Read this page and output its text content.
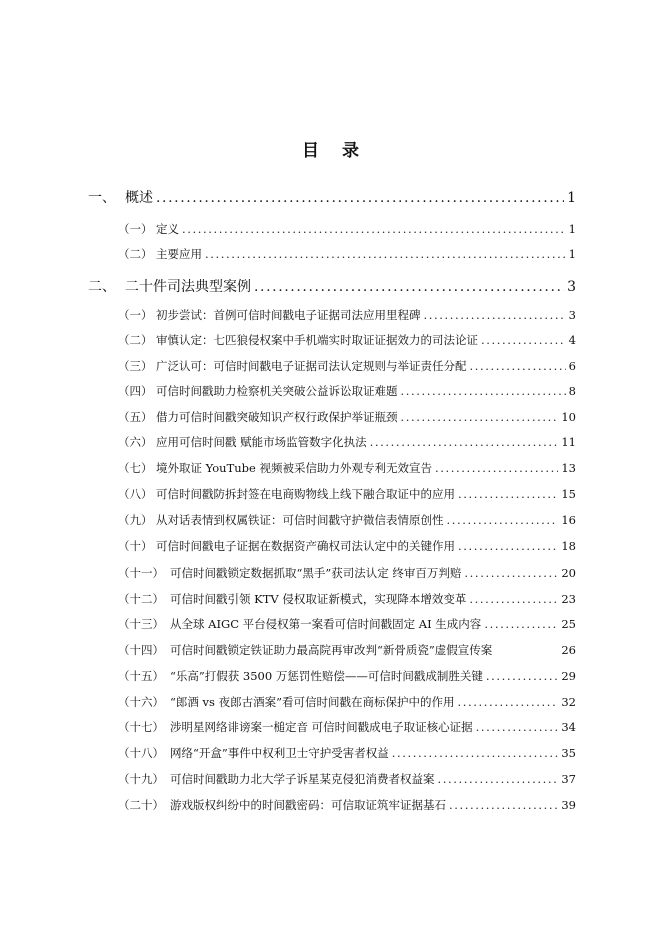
目 录
一、 概述 .....	1
（一） 定义 .....	1
（二） 主要应用 .....	1
二、 二十件司法典型案例 .....	3
（一） 初步尝试：首例可信时间戳电子证据司法应用里程碑 .....	3
（二） 审慎认定：七匹狼侵权案中手机端实时取证证据效力的司法论证 .....	4
（三） 广泛认可：可信时间戳电子证据司法认定规则与举证责任分配 .....	6
（四） 可信时间戳助力检察机关突破公益诉讼取证难题 .....	8
（五） 借力可信时间戳突破知识产权行政保护举证瓶颈 .....	10
（六） 应用可信时间戳 赋能市场监管数字化执法 .....	11
（七） 境外取证 YouTube 视频被采信助力外观专利无效宣告 .....	13
（八） 可信时间戳防拆封签在电商购物线上线下融合取证中的应用 .....	15
（九） 从对话表情到权属铁证：可信时间戳守护微信表情原创性 .....	16
（十） 可信时间戳电子证据在数据资产确权司法认定中的关键作用 .....	18
（十一） 可信时间戳锁定数据抓取“黑手”获司法认定 终审百万判赔 .....	20
（十二） 可信时间戳引领 KTV 侵权取证新模式，实现降本增效变革 .....	23
（十三） 从全球 AIGC 平台侵权第一案看可信时间戳固定 AI 生成内容 .....	25
（十四） 可信时间戳锁定铁证助力最高院再审改判“新骨质瓷”虚假宣传案	26
（十五） “乐高”打假获 3500 万惩罚性赔偿——可信时间戳成制胜关键 .....	29
（十六） “郎酒 vs 夜郎古酒案”看可信时间戳在商标保护中的作用 .....	32
（十七） 涉明星网络诽谤案一槌定音 可信时间戳成电子取证核心证据 .....	34
（十八） 网络“开盒”事件中权利卫士守护受害者权益 .....	35
（十九） 可信时间戳助力北大学子诉星某克侵犯消费者权益案 .....	37
（二十） 游戏版权纠纷中的时间戳密码：可信取证筑牢证据基石 .....	39
